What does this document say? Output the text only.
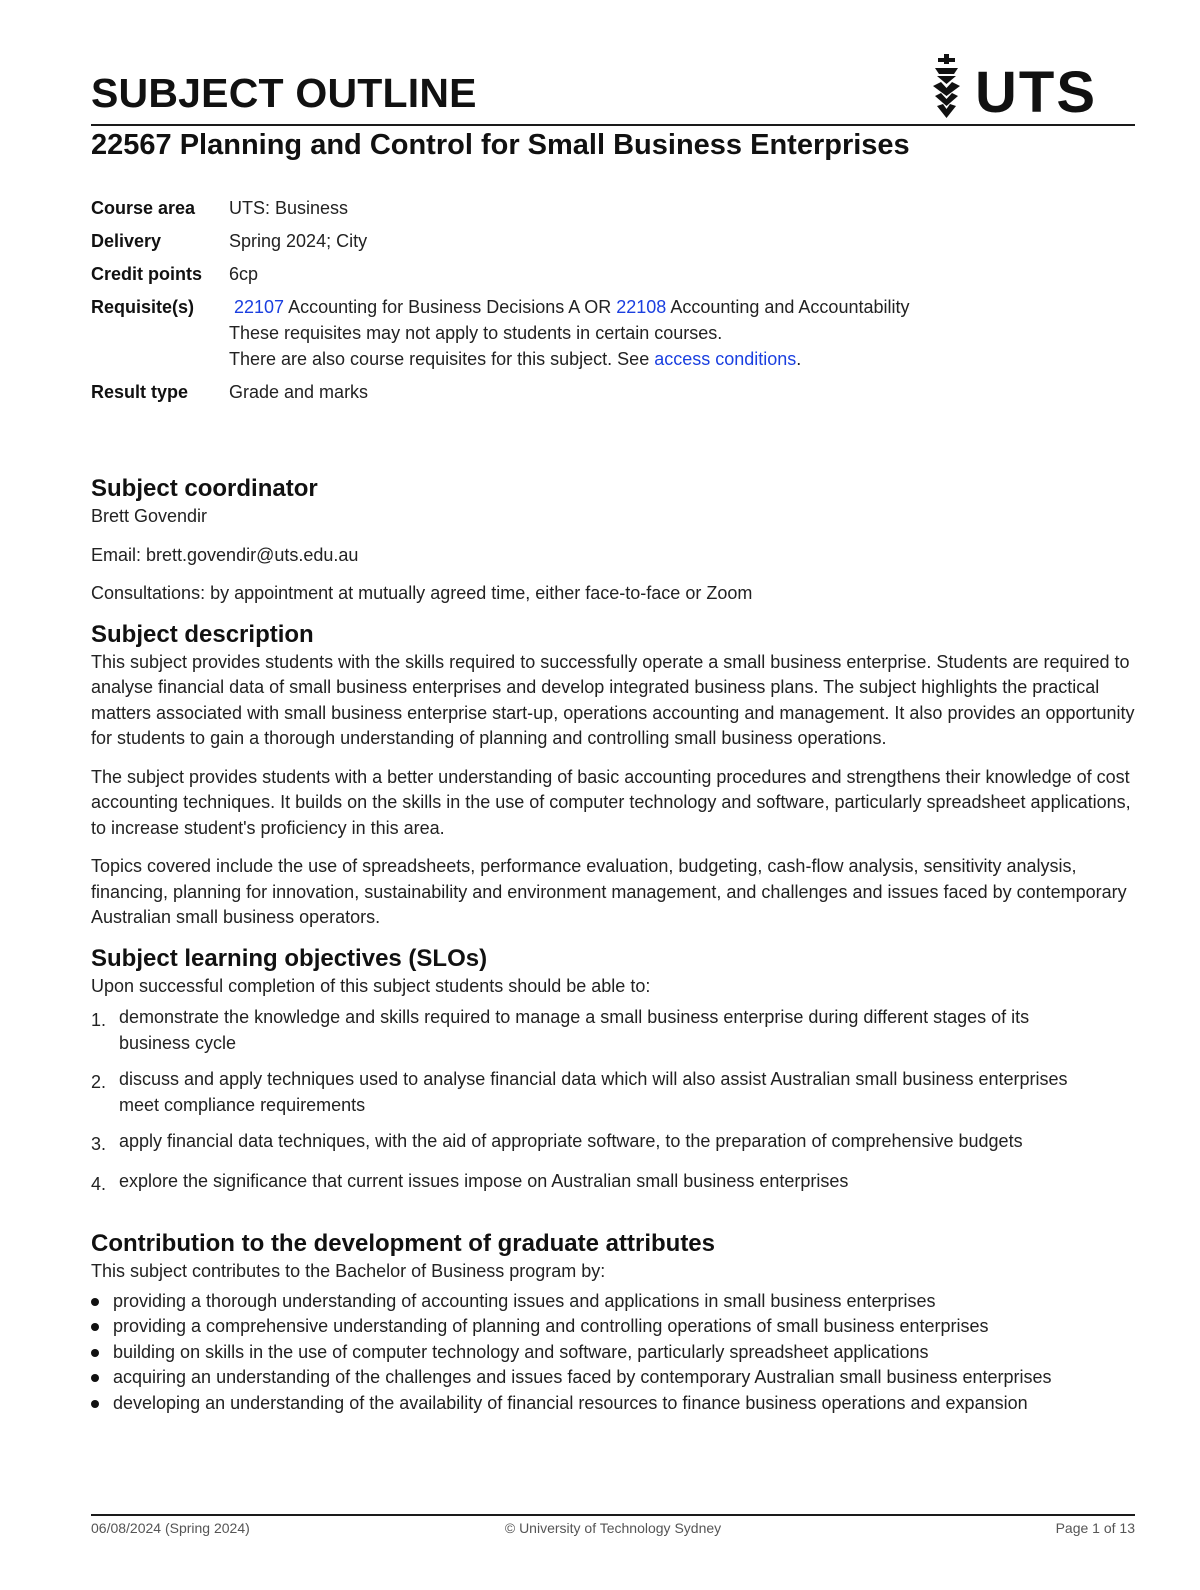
SUBJECT OUTLINE	UTS
22567 Planning and Control for Small Business Enterprises
Course area	UTS: Business
Delivery	Spring 2024; City
Credit points	6cp
Requisite(s)	22107 Accounting for Business Decisions A OR 22108 Accounting and Accountability
These requisites may not apply to students in certain courses.
There are also course requisites for this subject. See access conditions.
Result type	Grade and marks
Subject coordinator

Brett Govendir

Email: brett.govendir@uts.edu.au

Consultations: by appointment at mutually agreed time, either face-to-face or Zoom

Subject description

This subject provides students with the skills required to successfully operate a small business enterprise. Students are required to analyse financial data of small business enterprises and develop integrated business plans. The subject highlights the practical matters associated with small business enterprise start-up, operations accounting and management. It also provides an opportunity for students to gain a thorough understanding of planning and controlling small business operations.

The subject provides students with a better understanding of basic accounting procedures and strengthens their knowledge of cost accounting techniques. It builds on the skills in the use of computer technology and software, particularly spreadsheet applications, to increase student's proficiency in this area.

Topics covered include the use of spreadsheets, performance evaluation, budgeting, cash-flow analysis, sensitivity analysis, financing, planning for innovation, sustainability and environment management, and challenges and issues faced by contemporary Australian small business operators.

Subject learning objectives (SLOs)

Upon successful completion of this subject students should be able to:

1. demonstrate the knowledge and skills required to manage a small business enterprise during different stages of its business cycle
2. discuss and apply techniques used to analyse financial data which will also assist Australian small business enterprises meet compliance requirements
3. apply financial data techniques, with the aid of appropriate software, to the preparation of comprehensive budgets
4. explore the significance that current issues impose on Australian small business enterprises
Contribution to the development of graduate attributes

This subject contributes to the Bachelor of Business program by:

providing a thorough understanding of accounting issues and applications in small business enterprises
providing a comprehensive understanding of planning and controlling operations of small business enterprises
building on skills in the use of computer technology and software, particularly spreadsheet applications
acquiring an understanding of the challenges and issues faced by contemporary Australian small business enterprises
developing an understanding of the availability of financial resources to finance business operations and expansion
06/08/2024 (Spring 2024)	© University of Technology Sydney	Page 1 of 13
